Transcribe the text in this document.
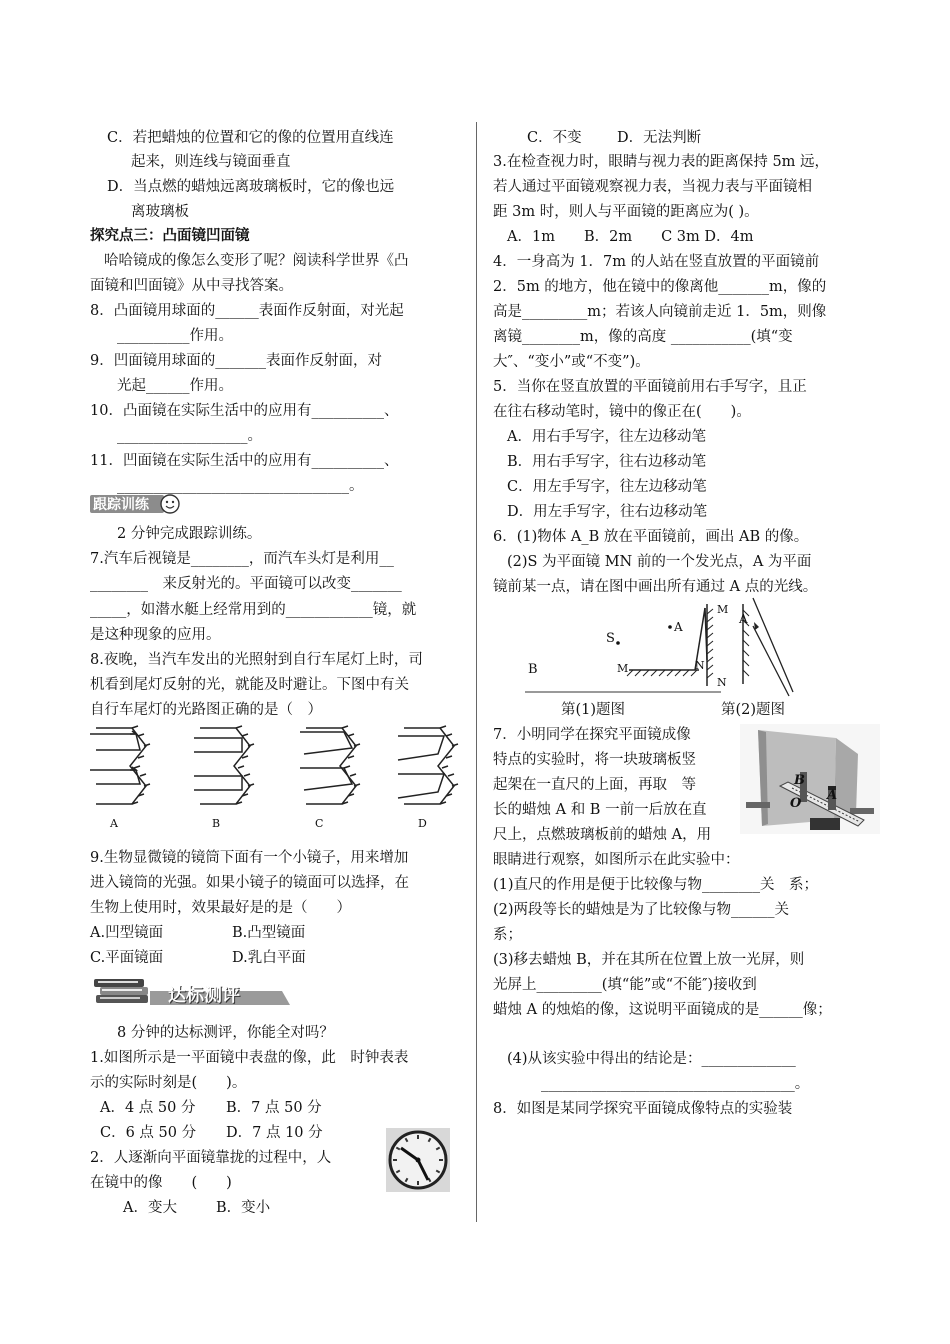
C．若把蜡烛的位置和它的像的位置用直线连
起来，则连线与镜面垂直
D．当点燃的蜡烛远离玻璃板时，它的像也远
离玻璃板
探究点三：凸面镜凹面镜
哈哈镜成的像怎么变形了呢？阅读科学世界《凸
面镜和凹面镜》从中寻找答案。
8．凸面镜用球面的______表面作反射面，对光起
__________作用。
9．凹面镜用球面的_______表面作反射面，对
光起______作用。
10．凸面镜在实际生活中的应用有__________、
__________________。
11．凹面镜在实际生活中的应用有__________、
________________________________。
跟踪训练
2 分钟完成跟踪训练。
7.汽车后视镜是________，而汽车头灯是利用__
________　来反射光的。平面镜可以改变_______
_____，如潜水艇上经常用到的____________镜，就
是这种现象的应用。
8.夜晚，当汽车发出的光照射到自行车尾灯上时，司
机看到尾灯反射的光，就能及时避让。下图中有关
自行车尾灯的光路图正确的是（　）
A	B	C	D
9.生物显微镜的镜筒下面有一个小镜子，用来增加
进入镜筒的光强。如果小镜子的镜面可以选择，在
生物上使用时，效果最好是的是（　　）
A.凹型镜面	B.凸型镜面
C.平面镜面	D.乳白平面
达标测评
8 分钟的达标测评，你能全对吗？
1.如图所示是一平面镜中表盘的像，此　时钟表表
示的实际时刻是(　　)。
A．4 点 50 分 B．7 点 50 分
C．6 点 50 分 D．7 点 10 分
2．人逐渐向平面镜靠拢的过程中，人
在镜中的像　　(　　)
A．变大	B．变小
C．不变 D．无法判断
3.在检查视力时，眼睛与视力表的距离保持 5m 远，
若人通过平面镜观察视力表，当视力表与平面镜相
距 3m 时，则人与平面镜的距离应为( )。
A．1m　　B．2m　　C 3m D．4m
4．一身高为 1．7m 的人站在竖直放置的平面镜前
2．5m 的地方，他在镜中的像离他_______m，像的
高是_________m；若该人向镜前走近 1．5m，则像
离镜________m，像的高度 ___________(填“变
大″、“变小”或“不变”)。
5．当你在竖直放置的平面镜前用右手写字，且正
在往右移动笔时，镜中的像正在(　　)。
A．用右手写字，往左边移动笔
B．用右手写字，往右边移动笔
C．用左手写字，往左边移动笔
D．用左手写字，往右边移动笔
6．(1)物体 A_B 放在平面镜前，画出 AB 的像。
(2)S 为平面镜 MN 前的一个发光点，A 为平面
镜前某一点，请在图中画出所有通过 A 点的光线。
B	M
S
A
N
M
N
A
第(1)题图	第(2)题图
B
O
A
7．小明同学在探究平面镜成像
特点的实验时，将一块玻璃板竖
起架在一直尺的上面，再取　等
长的蜡烛 A 和 B 一前一后放在直
尺上，点燃玻璃板前的蜡烛 A，用
眼睛进行观察，如图所示在此实验中：
(1)直尺的作用是便于比较像与物________关　系；
(2)两段等长的蜡烛是为了比较像与物______关
系；
(3)移去蜡烛 B，并在其所在位置上放一光屏，则
光屏上_________(填“能”或“不能″)接收到
蜡烛 A 的烛焰的像，这说明平面镜成的是______像；
(4)从该实验中得出的结论是：_____________
___________________________________。
8．如图是某同学探究平面镜成像特点的实验装
